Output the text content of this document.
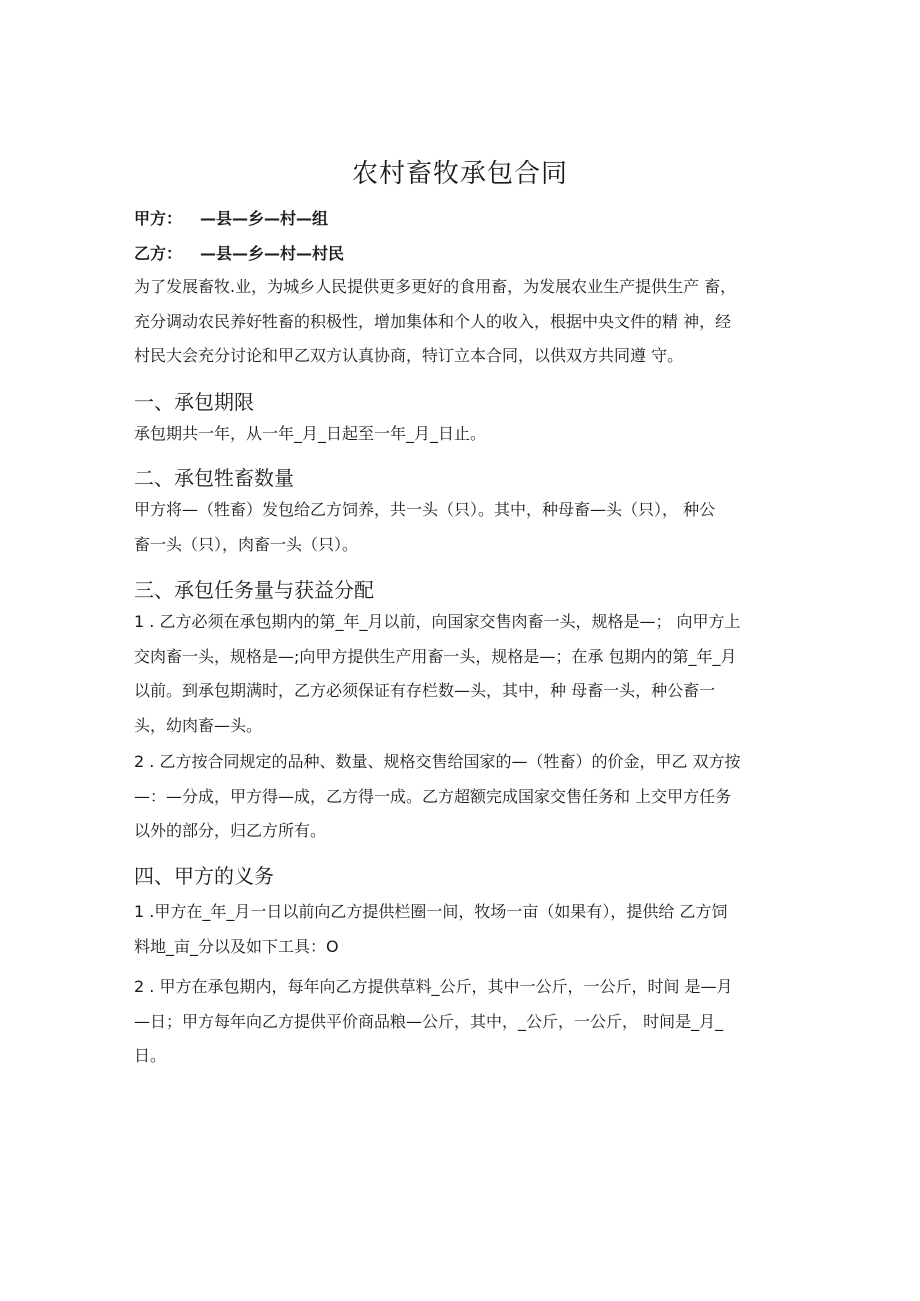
农村畜牧承包合同
甲方： —县—乡—村—组
乙方： —县—乡—村—村民
为了发展畜牧.业，为城乡人民提供更多更好的食用畜，为发展农业生产提供生产 畜，
充分调动农民养好牲畜的积极性，增加集体和个人的收入，根据中央文件的精 神，经
村民大会充分讨论和甲乙双方认真协商，特订立本合同，以供双方共同遵 守。
一、承包期限
承包期共一年，从一年_月_日起至一年_月_日止。
二、承包牲畜数量
甲方将—（牲畜）发包给乙方饲养，共一头（只）。其中，种母畜—头（只）， 种公
畜一头（只），肉畜一头（只）。
三、承包任务量与获益分配
1 . 乙方必须在承包期内的第_年_月以前，向国家交售肉畜一头，规格是—； 向甲方上
交肉畜一头，规格是—;向甲方提供生产用畜一头，规格是—；在承 包期内的第_年_月
以前。到承包期满时，乙方必须保证有存栏数—头，其中，种 母畜一头，种公畜一
头，幼肉畜—头。
2 . 乙方按合同规定的品种、数量、规格交售给国家的—（牲畜）的价金，甲乙 双方按
—：—分成，甲方得—成，乙方得一成。乙方超额完成国家交售任务和 上交甲方任务
以外的部分，归乙方所有。
四、甲方的义务
1 .甲方在_年_月一日以前向乙方提供栏圈一间，牧场一亩（如果有），提供给 乙方饲
料地_亩_分以及如下工具：O
2 . 甲方在承包期内，每年向乙方提供草料_公斤，其中一公斤，一公斤，时间 是—月
—日；甲方每年向乙方提供平价商品粮—公斤，其中，_公斤，一公斤， 时间是_月_
日。
